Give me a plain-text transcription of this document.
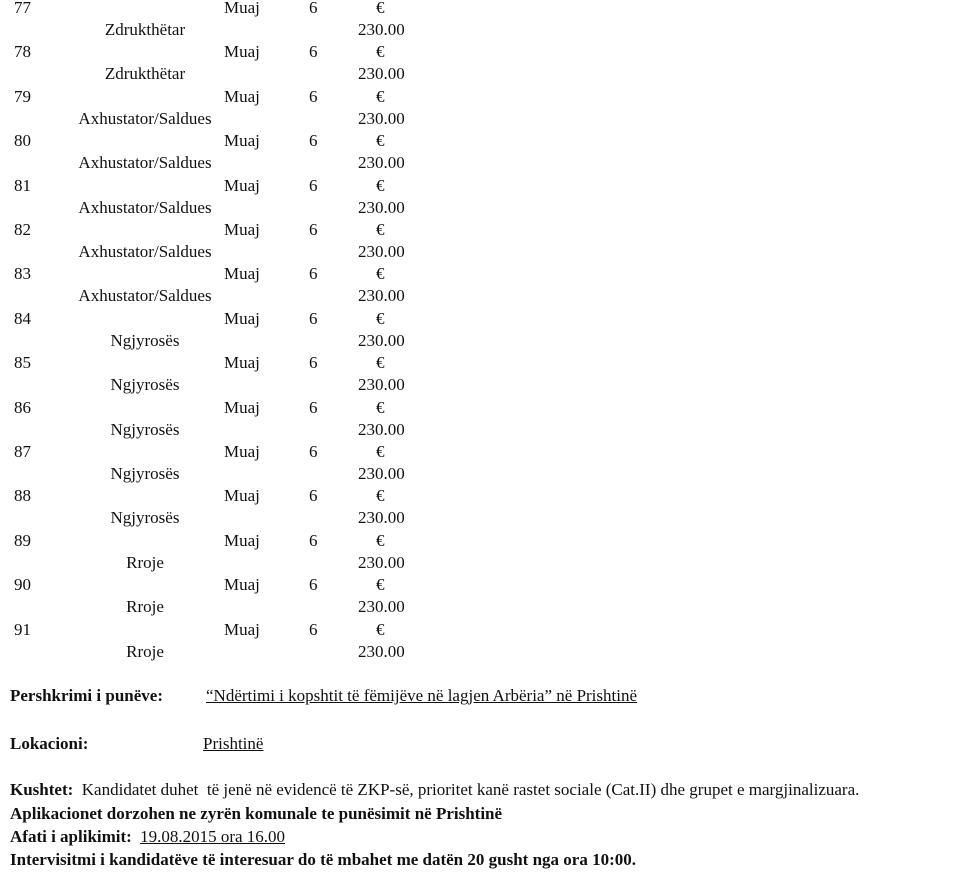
77	Muaj	6	€
Zdrukthëtar	230.00
78	Muaj	6	€
Zdrukthëtar	230.00
79	Muaj	6	€
Axhustator/Saldues	230.00
80	Muaj	6	€
Axhustator/Saldues	230.00
81	Muaj	6	€
Axhustator/Saldues	230.00
82	Muaj	6	€
Axhustator/Saldues	230.00
83	Muaj	6	€
Axhustator/Saldues	230.00
84	Muaj	6	€
Ngjyrosës	230.00
85	Muaj	6	€
Ngjyrosës	230.00
86	Muaj	6	€
Ngjyrosës	230.00
87	Muaj	6	€
Ngjyrosës	230.00
88	Muaj	6	€
Ngjyrosës	230.00
89	Muaj	6	€
Rroje	230.00
90	Muaj	6	€
Rroje	230.00
91	Muaj	6	€
Rroje	230.00
Pershkrimi i punëve:	“Ndërtimi i kopshtit të fëmijëve në lagjen Arbëria” në Prishtinë
Lokacioni:	Prishtinë
Kushtet:  Kandidatet duhet  të jenë në evidencë të ZKP-së, prioritet kanë rastet sociale (Cat.II) dhe grupet e margjinalizuara.
Aplikacionet dorzohen ne zyrën komunale te punësimit në Prishtinë
Afati i aplikimit: 19.08.2015 ora 16.00
Intervisitmi i kandidatëve të interesuar do të mbahet me datën 20 gusht nga ora 10:00.
